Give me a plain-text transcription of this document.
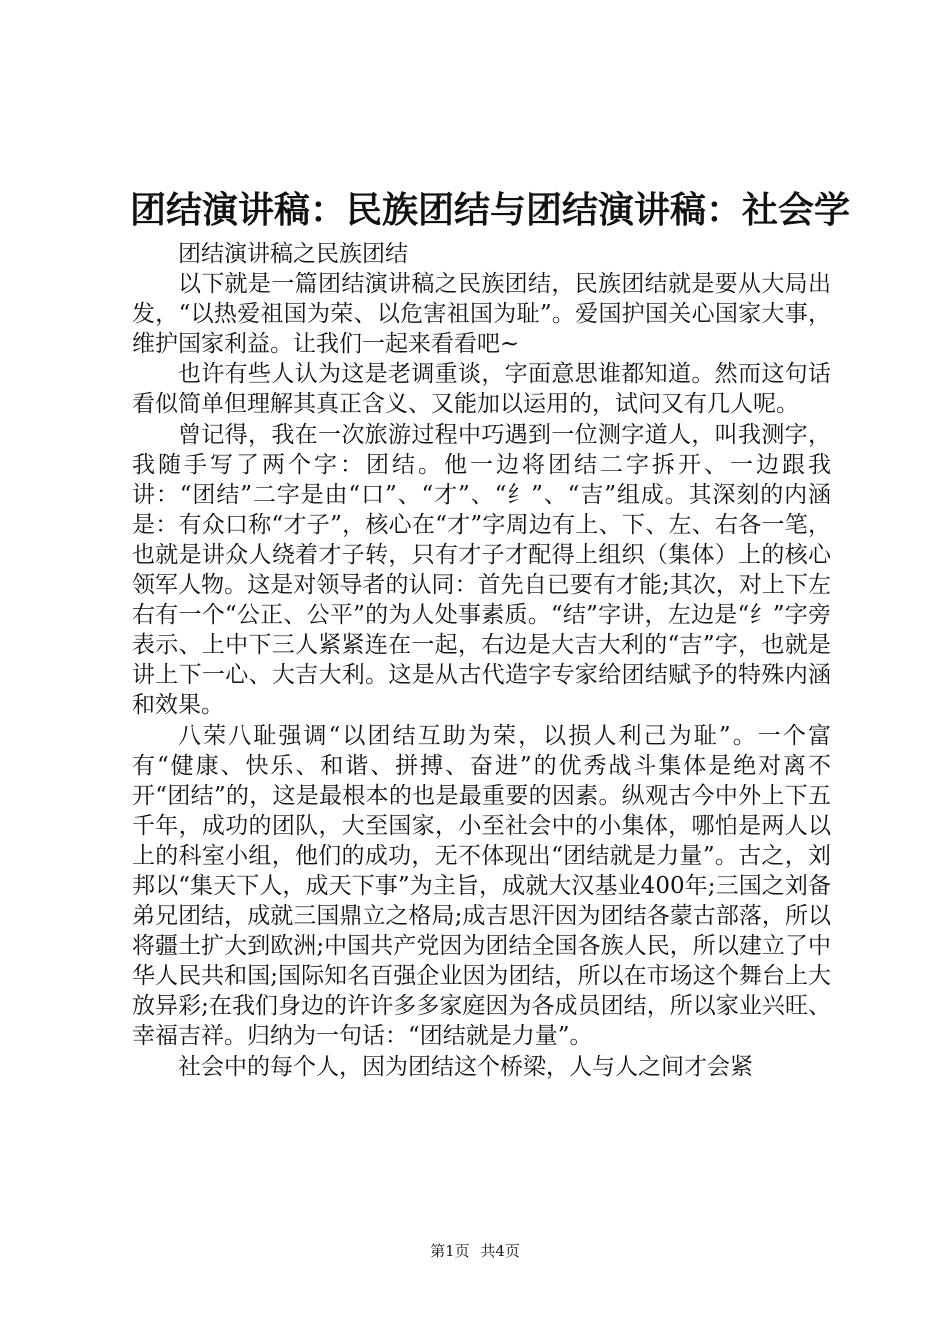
团结演讲稿：民族团结与团结演讲稿：社会学

团结演讲稿之民族团结

以下就是一篇团结演讲稿之民族团结，民族团结就是要从大局出发，“以热爱祖国为荣、以危害祖国为耻”。爱国护国关心国家大事，维护国家利益。让我们一起来看看吧~

也许有些人认为这是老调重谈，字面意思谁都知道。然而这句话看似简单但理解其真正含义、又能加以运用的，试问又有几人呢。

曾记得，我在一次旅游过程中巧遇到一位测字道人，叫我测字，我随手写了两个字：团结。他一边将团结二字拆开、一边跟我讲：“团结”二字是由“口”、“才”、“纟”、“吉”组成。其深刻的内涵是：有众口称“才子”，核心在“才”字周边有上、下、左、右各一笔，也就是讲众人绕着才子转，只有才子才配得上组织（集体）上的核心领军人物。这是对领导者的认同：首先自已要有才能;其次，对上下左右有一个“公正、公平”的为人处事素质。“结”字讲，左边是“纟”字旁表示、上中下三人紧紧连在一起，右边是大吉大利的“吉”字，也就是讲上下一心、大吉大利。这是从古代造字专家给团结赋予的特殊内涵和效果。

八荣八耻强调“以团结互助为荣，以损人利己为耻”。一个富有“健康、快乐、和谐、拼搏、奋进”的优秀战斗集体是绝对离不开“团结”的，这是最根本的也是最重要的因素。纵观古今中外上下五千年，成功的团队，大至国家，小至社会中的小集体，哪怕是两人以上的科室小组，他们的成功，无不体现出“团结就是力量”。古之，刘邦以“集天下人，成天下事”为主旨，成就大汉基业400年;三国之刘备弟兄团结，成就三国鼎立之格局;成吉思汗因为团结各蒙古部落，所以将疆土扩大到欧洲;中国共产党因为团结全国各族人民，所以建立了中华人民共和国;国际知名百强企业因为团结，所以在市场这个舞台上大放异彩;在我们身边的许许多多家庭因为各成员团结，所以家业兴旺、幸福吉祥。归纳为一句话：“团结就是力量”。

社会中的每个人，因为团结这个桥梁，人与人之间才会紧

第1页 共4页
